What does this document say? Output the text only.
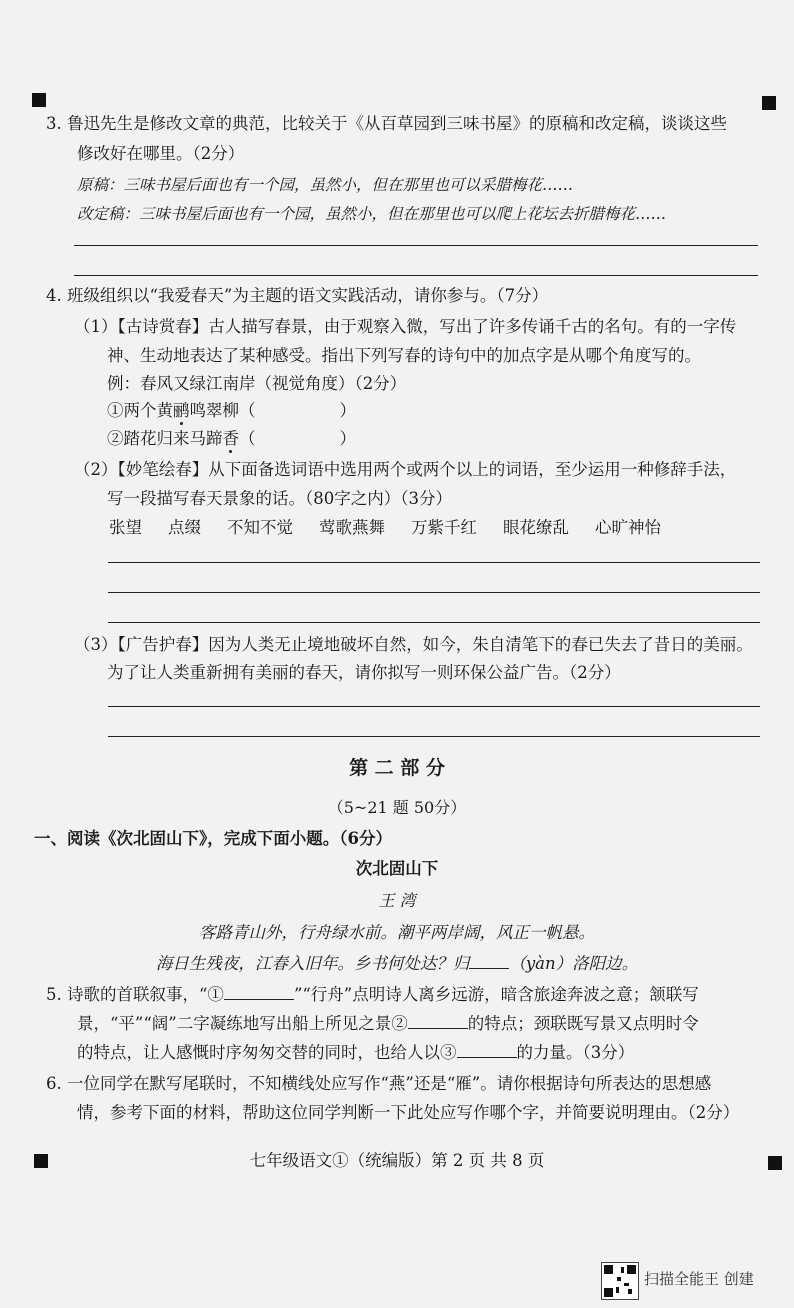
3. 鲁迅先生是修改文章的典范，比较关于《从百草园到三味书屋》的原稿和改定稿，谈谈这些
修改好在哪里。（2分）
原稿：三味书屋后面也有一个园，虽然小，但在那里也可以采腊梅花……
改定稿：三味书屋后面也有一个园，虽然小，但在那里也可以爬上花坛去折腊梅花……
4. 班级组织以“我爱春天”为主题的语文实践活动，请你参与。（7分）
（1）【古诗赏春】古人描写春景，由于观察入微，写出了许多传诵千古的名句。有的一字传
神、生动地表达了某种感受。指出下列写春的诗句中的加点字是从哪个角度写的。
例：春风又绿江南岸（视觉角度）（2分）
①两个黄鹂鸣翠柳（	）
②踏花归来马蹄香（	）
（2）【妙笔绘春】从下面备选词语中选用两个或两个以上的词语，至少运用一种修辞手法，
写一段描写春天景象的话。（80字之内）（3分）
张望 点缀 不知不觉 莺歌燕舞 万紫千红 眼花缭乱 心旷神怡
（3）【广告护春】因为人类无止境地破坏自然，如今，朱自清笔下的春已失去了昔日的美丽。
为了让人类重新拥有美丽的春天，请你拟写一则环保公益广告。（2分）
第 二 部 分
（5~21 题 50分）
一、阅读《次北固山下》，完成下面小题。（6分）
次北固山下
王 湾
客路青山外，行舟绿水前。潮平两岸阔，风正一帆悬。
海日生残夜，江春入旧年。乡书何处达？归 （yàn）洛阳边。
5. 诗歌的首联叙事，“①	”“行舟”点明诗人离乡远游，暗含旅途奔波之意；颔联写
景，“平”“阔”二字凝练地写出船上所见之景②	的特点；颈联既写景又点明时令
的特点，让人感慨时序匆匆交替的同时，也给人以③	的力量。（3分）
6. 一位同学在默写尾联时，不知横线处应写作“燕”还是“雁”。请你根据诗句所表达的思想感
情，参考下面的材料，帮助这位同学判断一下此处应写作哪个字，并简要说明理由。（2分）
七年级语文①（统编版）第 2 页 共 8 页
扫描全能王 创建
